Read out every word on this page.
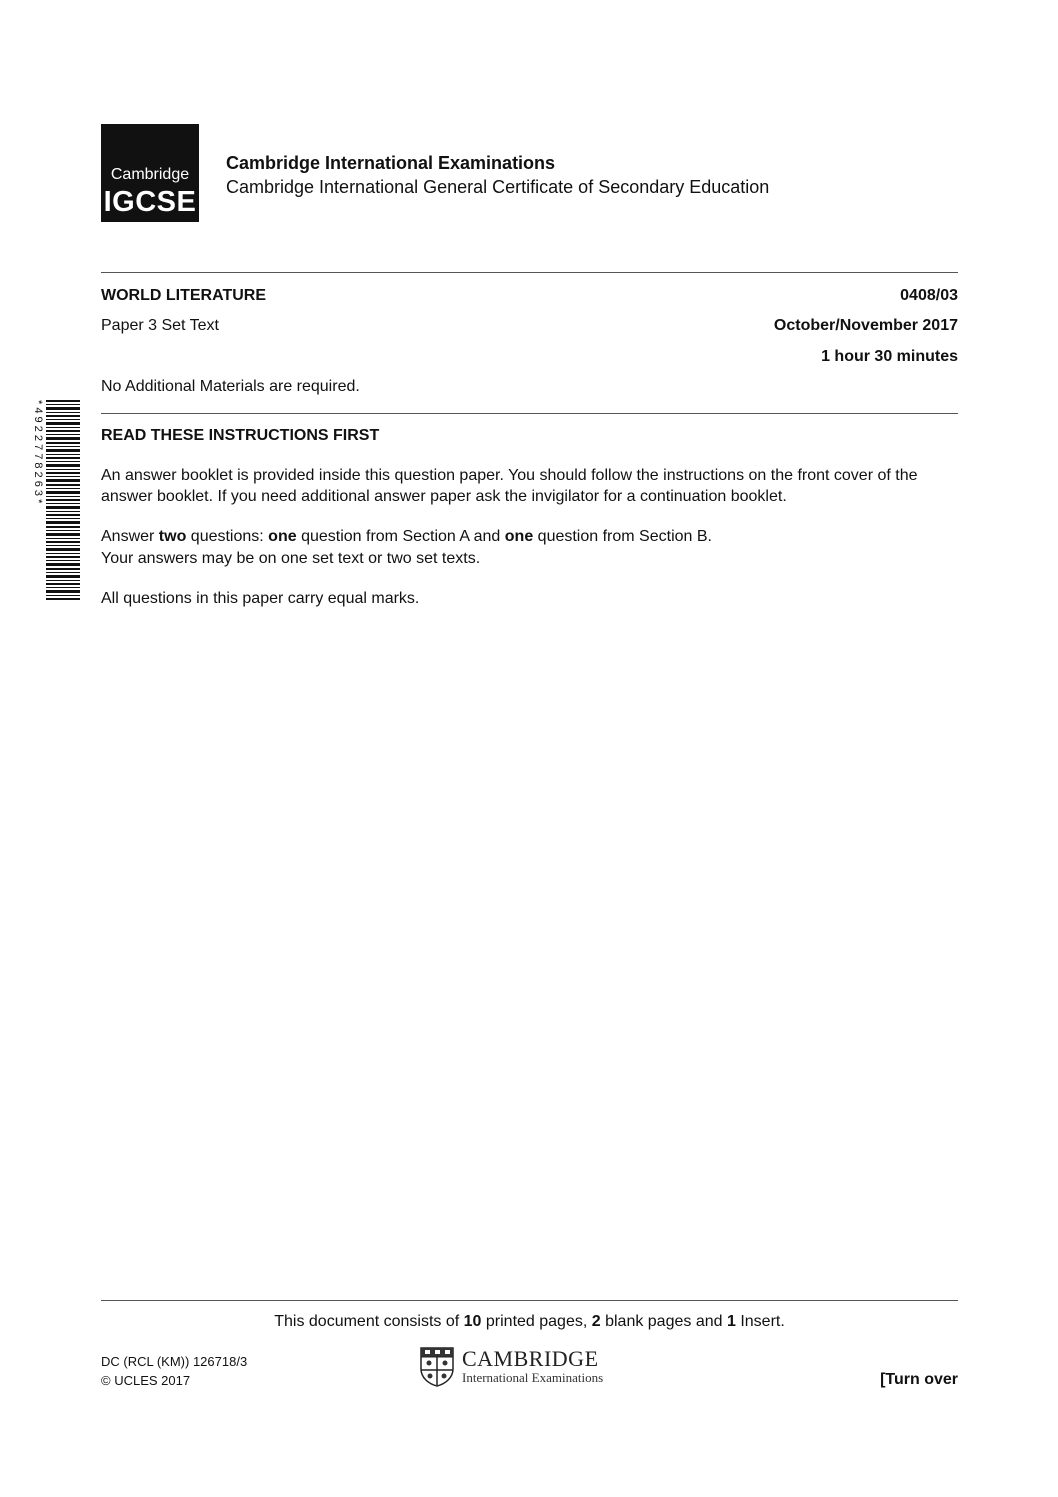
Cambridge
IGCSE
Cambridge International Examinations
Cambridge International General Certificate of Secondary Education
WORLD LITERATURE	0408/03
Paper 3 Set Text	October/November 2017
1 hour 30 minutes
No Additional Materials are required.
* 4 9 2 2 7 7 8 2 6 3 *	READ THESE INSTRUCTIONS FIRST
An answer booklet is provided inside this question paper. You should follow the instructions on the front cover of the answer booklet. If you need additional answer paper ask the invigilator for a continuation booklet.
Answer two questions: one question from Section A and one question from Section B.
Your answers may be on one set text or two set texts.
All questions in this paper carry equal marks.
This document consists of 10 printed pages, 2 blank pages and 1 Insert.
DC (RCL (KM)) 126718/3
© UCLES 2017
CAMBRIDGE
International Examinations	[Turn over
